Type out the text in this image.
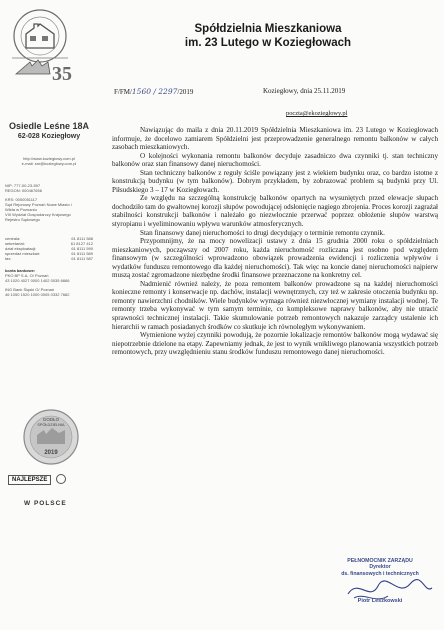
35
Spółdzielnia Mieszkaniowa
im. 23 Lutego w Koziegłowach
Osiedle Leśne 18A
62-028 Koziegłowy
http://www.koziegłowy.com.pl
e-mail: sm@koziegłowy.com.pl
NIP: 777-00-23-597
REGON: 000467656
KRS: 0000051117
Sąd Rejonowy Poznań Nowe Miasto i
Wilda w Poznaniu
VIII Wydział Gospodarczy Krajowego
Rejestru Sądowego
centrala:	61 8111 588
sekretariat:	61 8127 412
dział eksploatacji:	61 8111 590
sprzedaż mieszkań:	61 8111 589
fax:	61 8111 587
konta bankowe:
PKO BP S.A. O/ Poznań
43 1020 4027 0000 1402 0035 6666
ING Bank Śląski O/ Poznań
46 1050 1520 1000 0005 0332 7682
GODŁO
SPÓŁDZIELNIA
2019
NAJLEPSZE
W POLSCE
F/FM/1560 / 2297/2019	Koziegłowy, dnia 25.11.2019
poczta@ekoziegłowy.pl

Nawiązując do maila z dnia 20.11.2019 Spółdzielnia Mieszkaniowa im. 23 Lutego w Koziegłowach informuje, że docelowo zamiarem Spółdzielni jest przeprowadzenie generalnego remontu balkonów w całych zasobach mieszkaniowych.

O kolejności wykonania remontu balkonów decyduje zasadniczo dwa czynniki tj. stan techniczny balkonów oraz stan finansowy danej nieruchomości.

Stan techniczny balkonów z reguły ściśle powiązany jest z wiekiem budynku oraz, co bardzo istotne z konstrukcją budynku (w tym balkonów). Dobrym przykładem, by zobrazować problem są budynki przy Ul. Piłsudskiego 3 – 17 w Koziegłowach.

Ze względu na szczególną konstrukcję balkonów opartych na wysuniętych przed elewacje słupach dochodziło tam do gwałtownej korozji słupów powodującej odsłonięcie nagiego zbrojenia. Proces korozji zagrażał stabilności konstrukcji balkonów i należało go niezwłocznie przerwać poprzez obłożenie słupów warstwą styropianu i wyeliminowaniu wpływu warunków atmosferycznych.

Stan finansowy danej nieruchomości to drugi decydujący o terminie remontu czynnik.

Przypomnijmy, że na mocy nowelizacji ustawy z dnia 15 grudnia 2000 roku o spółdzielniach mieszkaniowych, począwszy od 2007 roku, każda nieruchomość rozliczana jest osobno pod względem finansowym (w szczególności wprowadzono obowiązek prowadzenia ewidencji i rozliczenia wpływów i wydatków funduszu remontowego dla każdej nieruchomości). Tak więc na koncie danej nieruchomości najpierw muszą zostać zgromadzone niezbędne środki finansowe przeznaczone na konkretny cel.

Nadmienić również należy, że poza remontem balkonów prowadzone są na każdej nieruchomości konieczne remonty i konserwacje np. dachów, instalacji wewnętrznych, czy też w zakresie otoczenia budynku np. remonty nawierzchni chodników. Wiele budynków wymaga również niezwłocznej wymiany instalacji wodnej. Te remonty trzeba wykonywać w tym samym terminie, co kompleksowe naprawy balkonów, aby nie utracić sprawności technicznej instalacji. Takie skumulowanie potrzeb remontowych nakazuje zarządcy ustalenie ich hierarchii w ramach posiadanych środków co skutkuje ich równoległym wykonywaniem.

Wymienione wyżej czynniki powodują, że pozornie lokalizacje remontów balkonów mogą wydawać się niepotrzebnie dzielone na etapy. Zapewniamy jednak, że jest to wynik wnikliwego planowania wszystkich potrzeb remontowych, przy uwzględnieniu stanu środków funduszu remontowego danej nieruchomości.

PEŁNOMOCNIK ZARZĄDU
Dyrektor
ds. finansowych i technicznych
Piotr Leszkowski
